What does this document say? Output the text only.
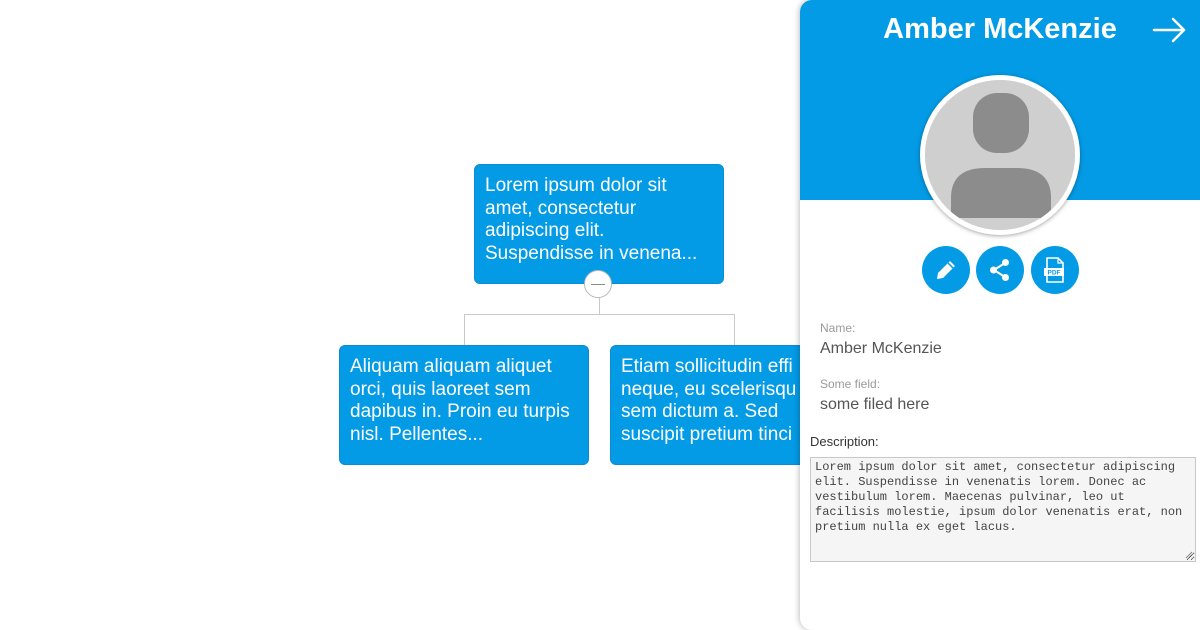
Lorem ipsum dolor sit amet, consectetur adipiscing elit. Suspendisse in venena...
Aliquam aliquam aliquet orci, quis laoreet sem dapibus in. Proin eu turpis nisl. Pellentes...
Etiam sollicitudin effi
neque, eu scelerisqu
sem dictum a. Sed
suscipit pretium tinci
Amber McKenzie
PDF
Name:
Amber McKenzie
Some field:
some filed here
Description:
Lorem ipsum dolor sit amet, consectetur adipiscing elit. Suspendisse in venenatis lorem. Donec ac vestibulum lorem. Maecenas pulvinar, leo ut facilisis molestie, ipsum dolor venenatis erat, non pretium nulla ex eget lacus.
